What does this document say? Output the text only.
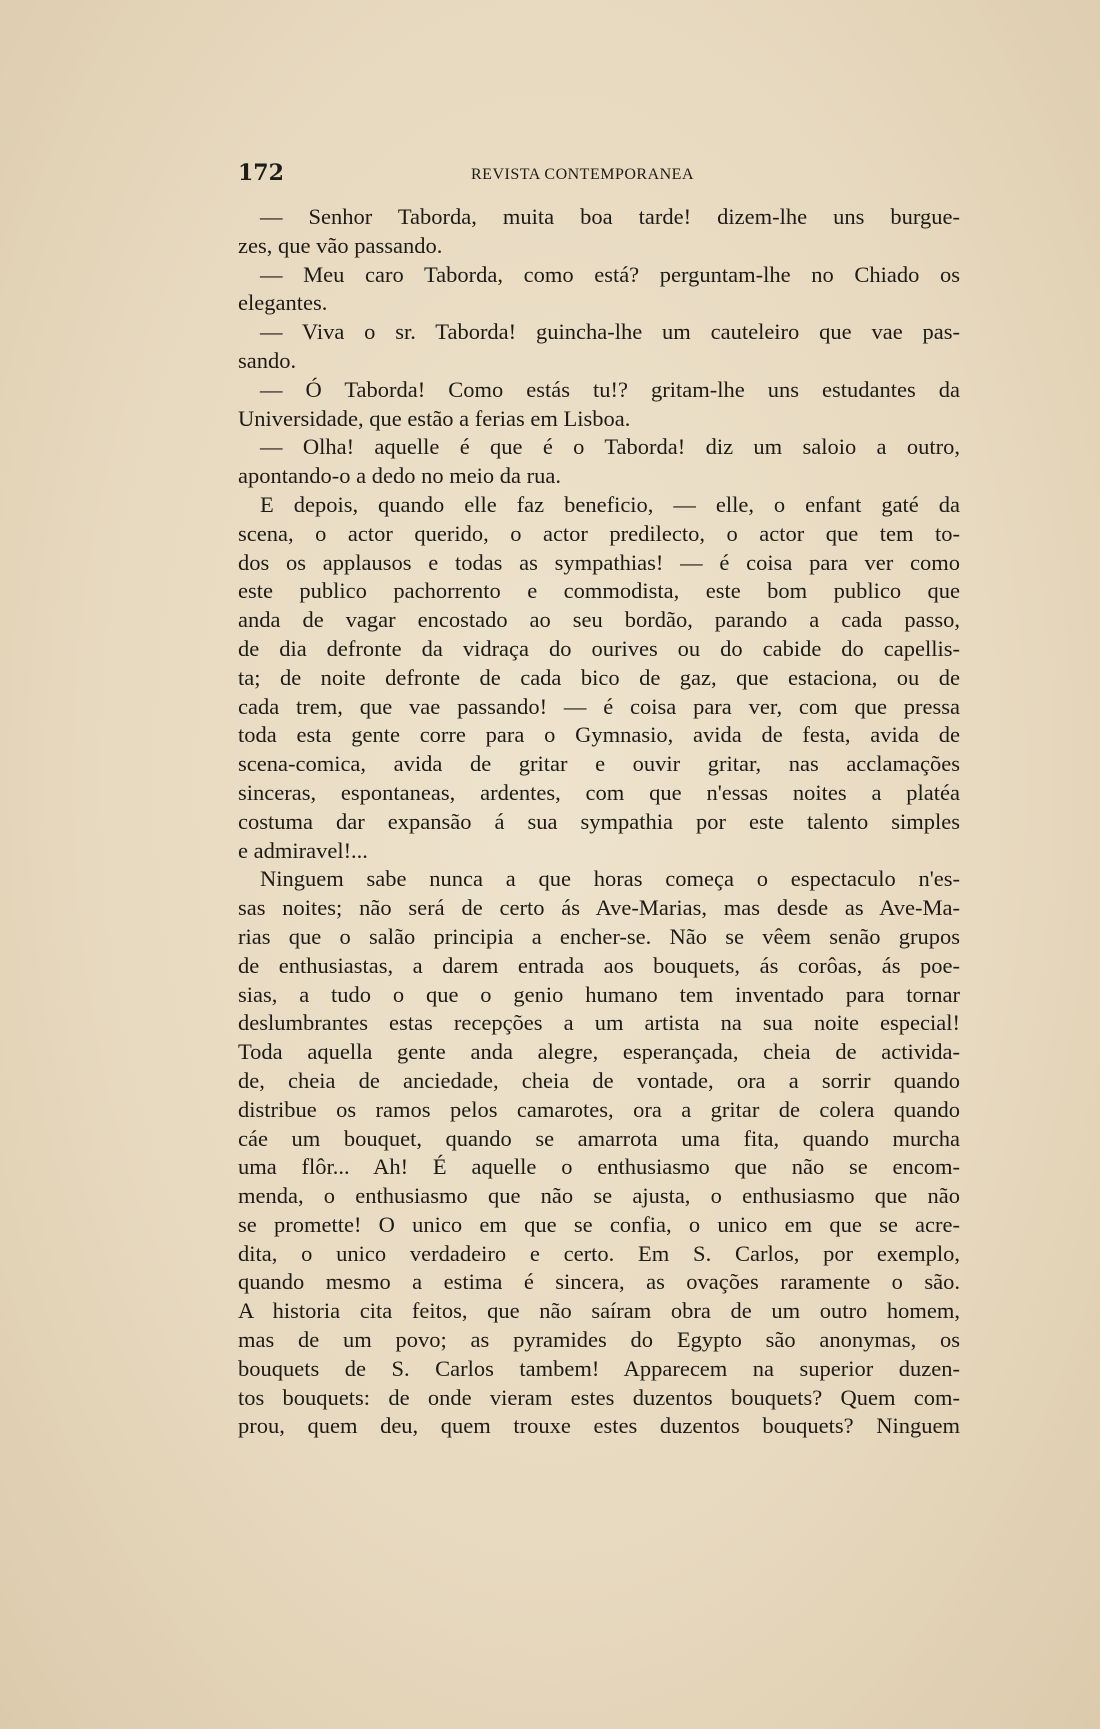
172	REVISTA CONTEMPORANEA
— Senhor Taborda, muita boa tarde! dizem-lhe uns burgue-
zes, que vão passando.
— Meu caro Taborda, como está? perguntam-lhe no Chiado os
elegantes.
— Viva o sr. Taborda! guincha-lhe um cauteleiro que vae pas-
sando.
— Ó Taborda! Como estás tu!? gritam-lhe uns estudantes da
Universidade, que estão a ferias em Lisboa.
— Olha! aquelle é que é o Taborda! diz um saloio a outro,
apontando-o a dedo no meio da rua.
E depois, quando elle faz beneficio, — elle, o enfant gaté da
scena, o actor querido, o actor predilecto, o actor que tem to-
dos os applausos e todas as sympathias! — é coisa para ver como
este publico pachorrento e commodista, este bom publico que
anda de vagar encostado ao seu bordão, parando a cada passo,
de dia defronte da vidraça do ourives ou do cabide do capellis-
ta; de noite defronte de cada bico de gaz, que estaciona, ou de
cada trem, que vae passando! — é coisa para ver, com que pressa
toda esta gente corre para o Gymnasio, avida de festa, avida de
scena-comica, avida de gritar e ouvir gritar, nas acclamações
sinceras, espontaneas, ardentes, com que n'essas noites a platéa
costuma dar expansão á sua sympathia por este talento simples
e admiravel!...
Ninguem sabe nunca a que horas começa o espectaculo n'es-
sas noites; não será de certo ás Ave-Marias, mas desde as Ave-Ma-
rias que o salão principia a encher-se. Não se vêem senão grupos
de enthusiastas, a darem entrada aos bouquets, ás corôas, ás poe-
sias, a tudo o que o genio humano tem inventado para tornar
deslumbrantes estas recepções a um artista na sua noite especial!
Toda aquella gente anda alegre, esperançada, cheia de activida-
de, cheia de anciedade, cheia de vontade, ora a sorrir quando
distribue os ramos pelos camarotes, ora a gritar de colera quando
cáe um bouquet, quando se amarrota uma fita, quando murcha
uma flôr... Ah! É aquelle o enthusiasmo que não se encom-
menda, o enthusiasmo que não se ajusta, o enthusiasmo que não
se promette! O unico em que se confia, o unico em que se acre-
dita, o unico verdadeiro e certo. Em S. Carlos, por exemplo,
quando mesmo a estima é sincera, as ovações raramente o são.
A historia cita feitos, que não saíram obra de um outro homem,
mas de um povo; as pyramides do Egypto são anonymas, os
bouquets de S. Carlos tambem! Apparecem na superior duzen-
tos bouquets: de onde vieram estes duzentos bouquets? Quem com-
prou, quem deu, quem trouxe estes duzentos bouquets? Ninguem
